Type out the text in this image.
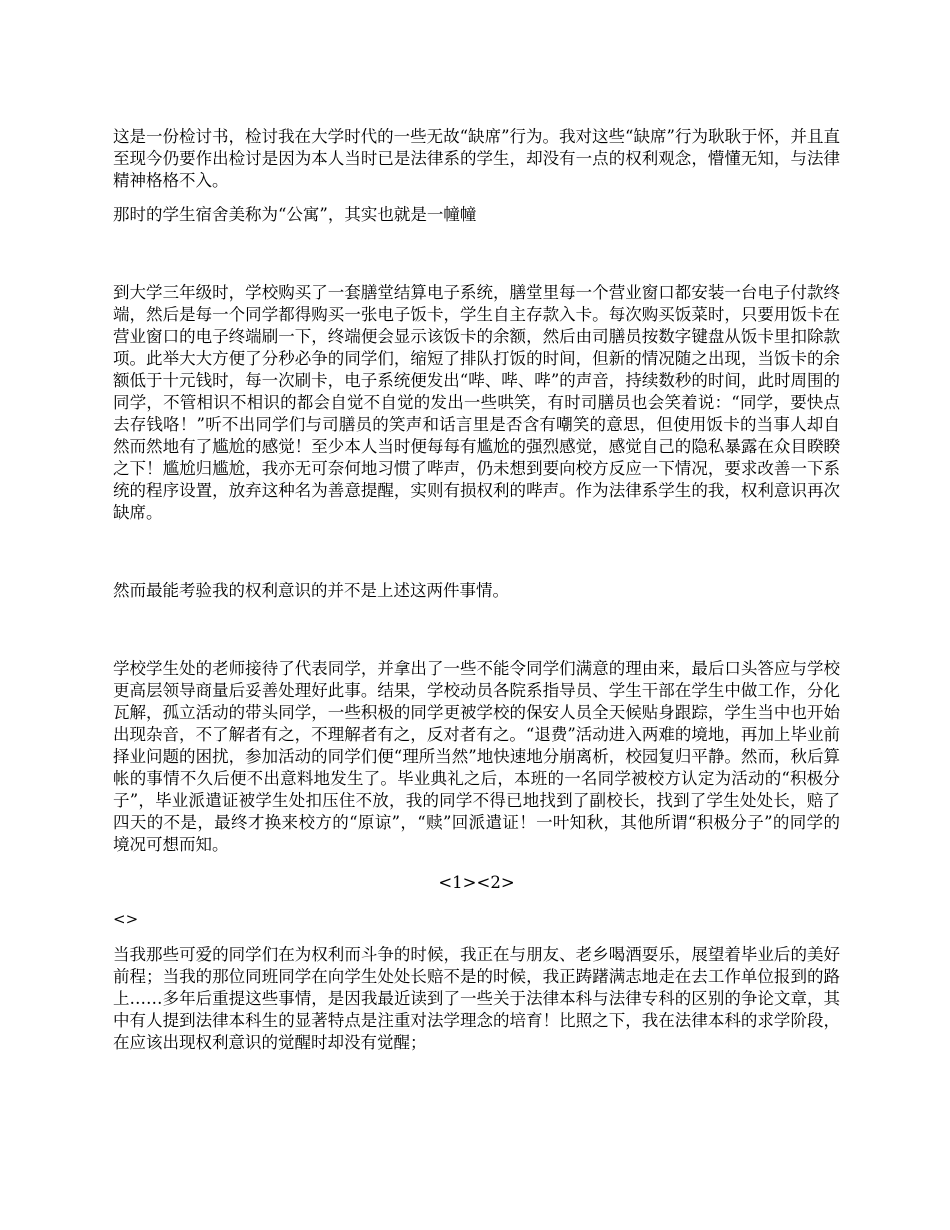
这是一份检讨书，检讨我在大学时代的一些无故“缺席”行为。我对这些“缺席”行为耿耿于怀，并且直至现今仍要作出检讨是因为本人当时已是法律系的学生，却没有一点的权利观念，懵懂无知，与法律精神格格不入。

那时的学生宿舍美称为“公寓”，其实也就是一幢幢

到大学三年级时，学校购买了一套膳堂结算电子系统，膳堂里每一个营业窗口都安装一台电子付款终端，然后是每一个同学都得购买一张电子饭卡，学生自主存款入卡。每次购买饭菜时，只要用饭卡在营业窗口的电子终端刷一下，终端便会显示该饭卡的余额，然后由司膳员按数字键盘从饭卡里扣除款项。此举大大方便了分秒必争的同学们，缩短了排队打饭的时间，但新的情况随之出现，当饭卡的余额低于十元钱时，每一次刷卡，电子系统便发出“哔、哔、哔”的声音，持续数秒的时间，此时周围的同学，不管相识不相识的都会自觉不自觉的发出一些哄笑，有时司膳员也会笑着说：“同学，要快点去存钱咯！”听不出同学们与司膳员的笑声和话言里是否含有嘲笑的意思，但使用饭卡的当事人却自然而然地有了尴尬的感觉！至少本人当时便每每有尴尬的强烈感觉，感觉自己的隐私暴露在众目睽睽之下！尴尬归尴尬，我亦无可奈何地习惯了哔声，仍未想到要向校方反应一下情况，要求改善一下系统的程序设置，放弃这种名为善意提醒，实则有损权利的哔声。作为法律系学生的我，权利意识再次缺席。

然而最能考验我的权利意识的并不是上述这两件事情。

学校学生处的老师接待了代表同学，并拿出了一些不能令同学们满意的理由来，最后口头答应与学校更高层领导商量后妥善处理好此事。结果，学校动员各院系指导员、学生干部在学生中做工作，分化瓦解，孤立活动的带头同学，一些积极的同学更被学校的保安人员全天候贴身跟踪，学生当中也开始出现杂音，不了解者有之，不理解者有之，反对者有之。“退费”活动进入两难的境地，再加上毕业前择业问题的困扰，参加活动的同学们便“理所当然”地快速地分崩离析，校园复归平静。然而，秋后算帐的事情不久后便不出意料地发生了。毕业典礼之后，本班的一名同学被校方认定为活动的“积极分子”，毕业派遣证被学生处扣压住不放，我的同学不得已地找到了副校长，找到了学生处处长，赔了四天的不是，最终才换来校方的“原谅”，“赎”回派遣证！一叶知秋，其他所谓“积极分子”的同学的境况可想而知。

<1><2>

<>

当我那些可爱的同学们在为权利而斗争的时候，我正在与朋友、老乡喝酒耍乐，展望着毕业后的美好前程；当我的那位同班同学在向学生处处长赔不是的时候，我正踌躇满志地走在去工作单位报到的路上……多年后重提这些事情，是因我最近读到了一些关于法律本科与法律专科的区别的争论文章，其中有人提到法律本科生的显著特点是注重对法学理念的培育！比照之下，我在法律本科的求学阶段，在应该出现权利意识的觉醒时却没有觉醒；
